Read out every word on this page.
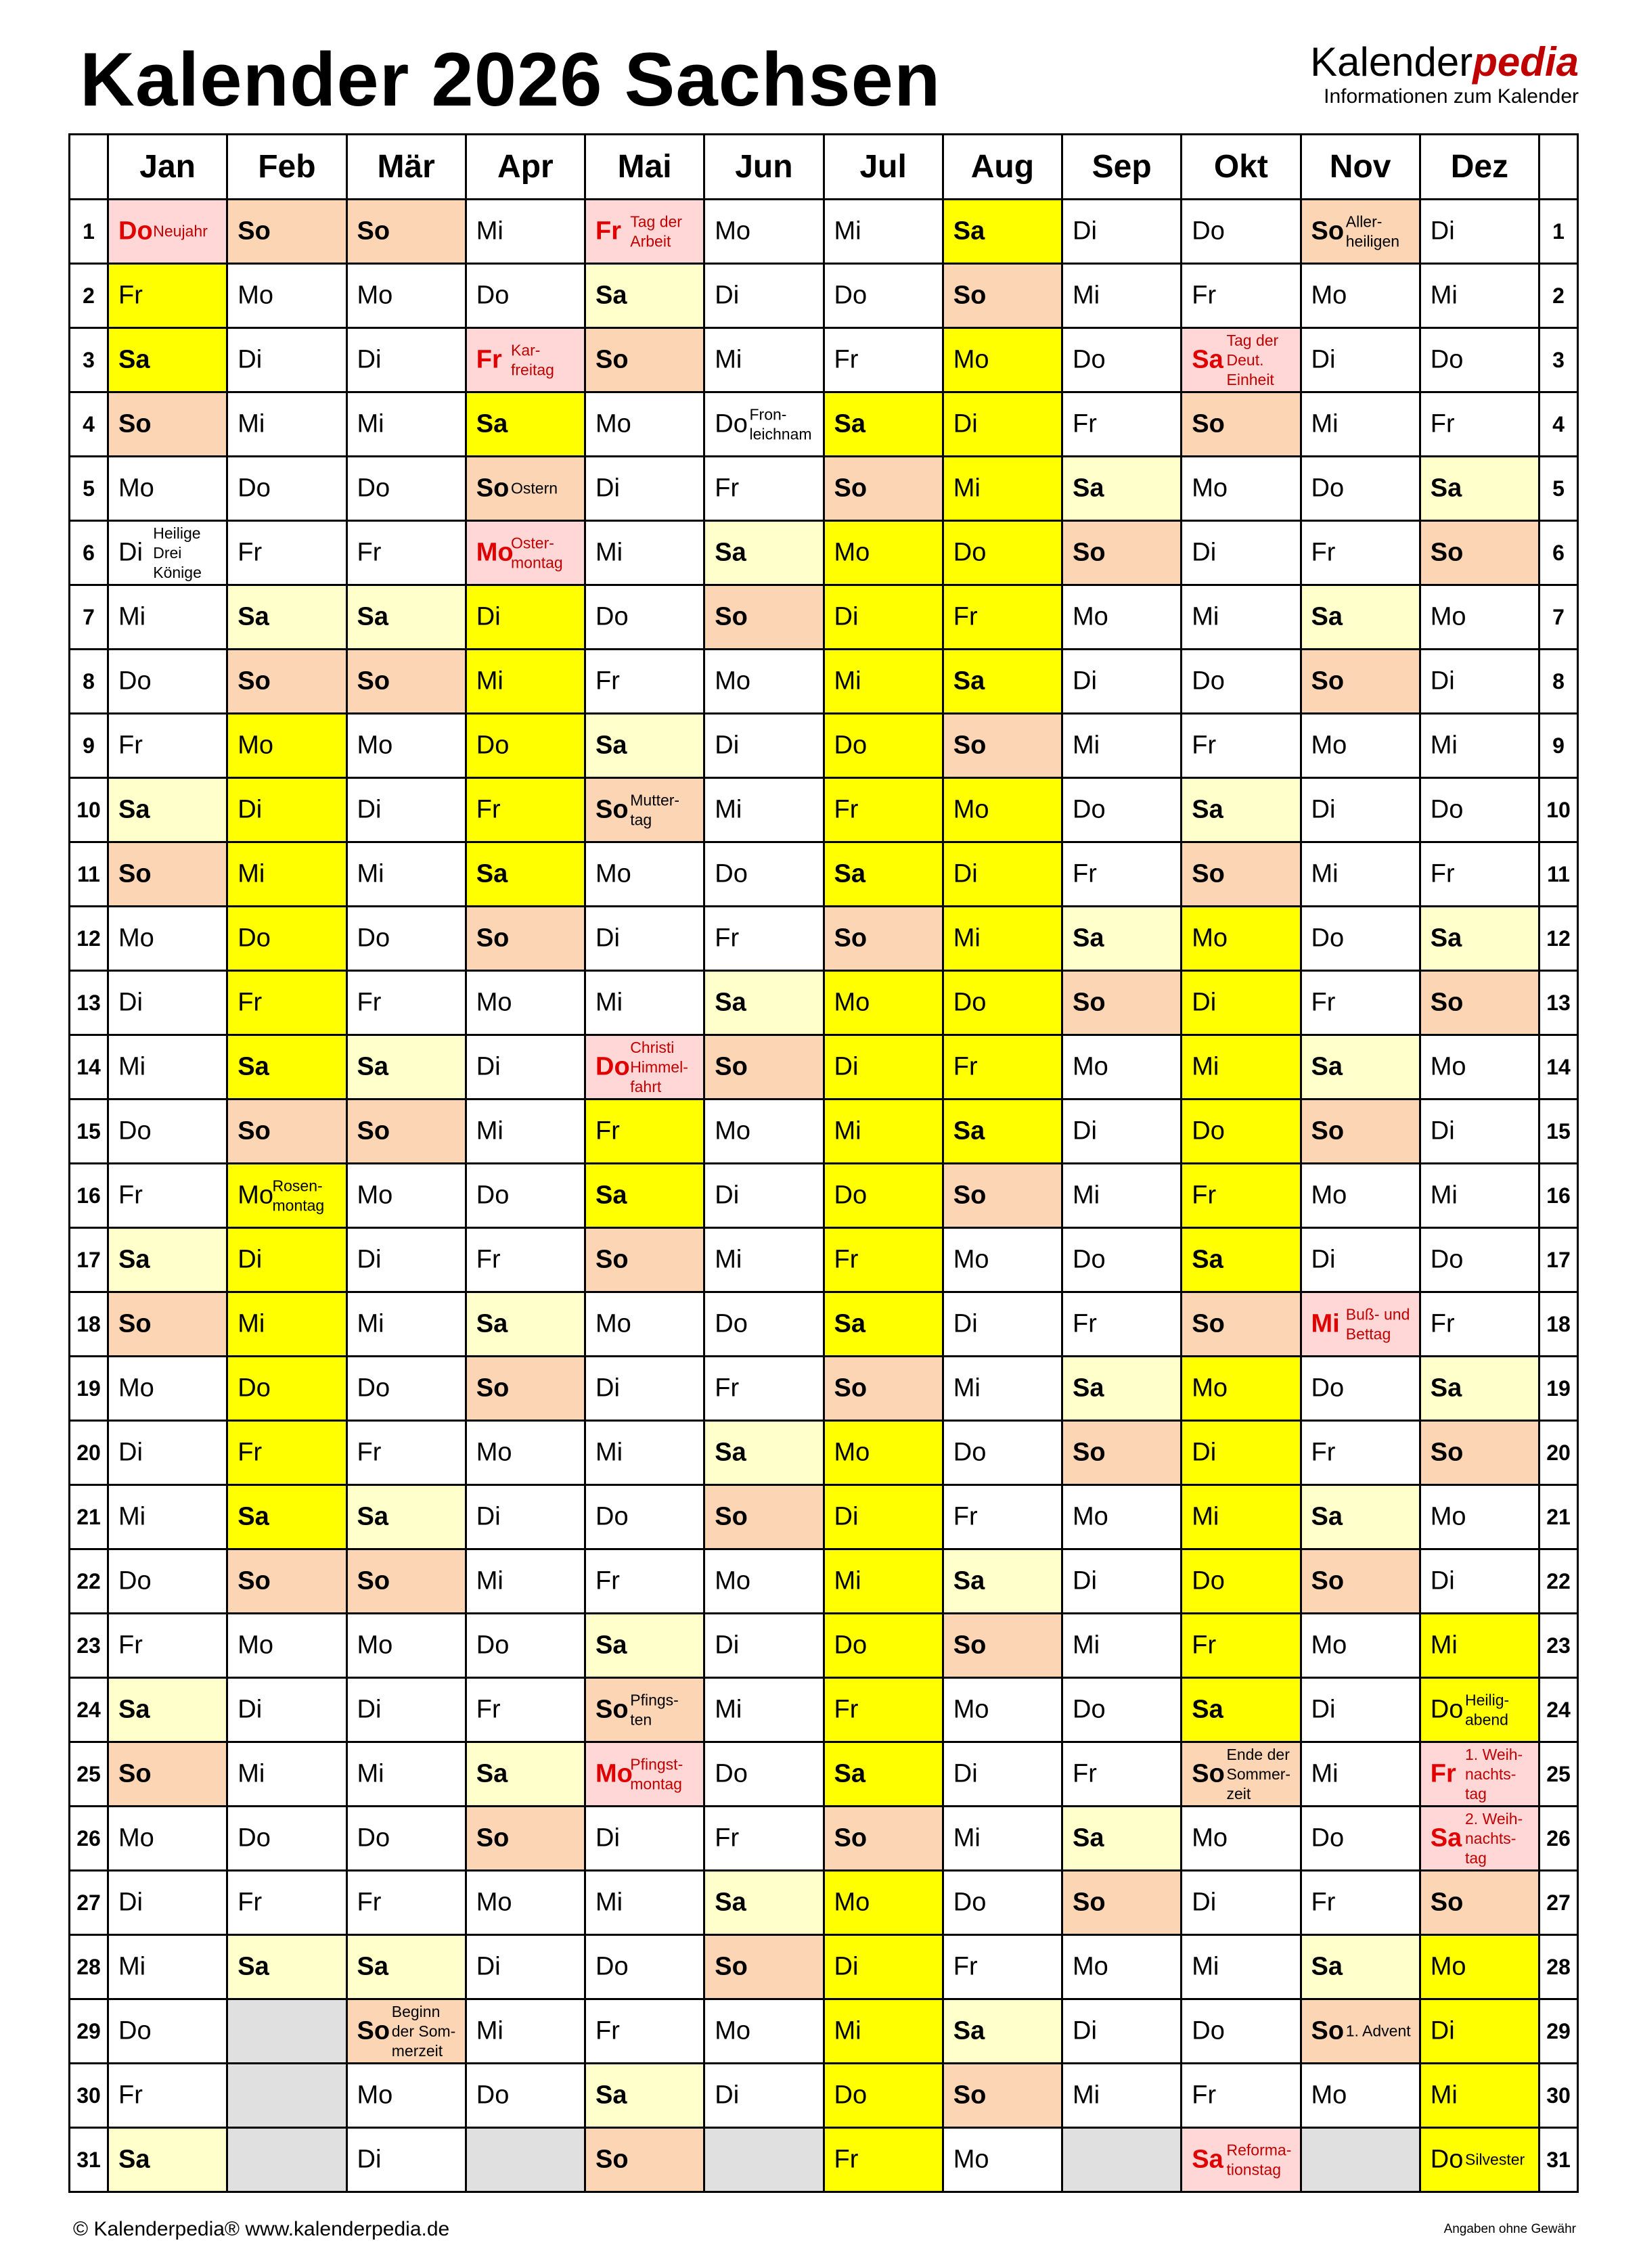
Kalender 2026 Sachsen	Kalenderpedia
Informationen zum Kalender
	Jan	Feb	Mär	Apr	Mai	Jun	Jul	Aug	Sep	Okt	Nov	Dez	
1	Do Neujahr	So	So	Mi	Fr Tag der
Arbeit	Mo	Mi	Sa	Di	Do	So Aller-
heiligen	Di	1
2	Fr	Mo	Mo	Do	Sa	Di	Do	So	Mi	Fr	Mo	Mi	2
3	Sa	Di	Di	Fr Kar-
freitag	So	Mi	Fr	Mo	Do	Sa
Tag der
Deut.
Einheit	Di	Do	3
4	So	Mi	Mi	Sa	Mo	Do Fron-
leichnam	Sa	Di	Fr	So	Mi	Fr	4
5	Mo	Do	Do	So Ostern	Di	Fr	So	Mi	Sa	Mo	Do	Sa	5
6	Di
Heilige
Drei
Könige	Fr	Fr	Mo
Oster-
montag	Mi	Sa	Mo	Do	So	Di	Fr	So	6
7	Mi	Sa	Sa	Di	Do	So	Di	Fr	Mo	Mi	Sa	Mo	7
8	Do	So	So	Mi	Fr	Mo	Mi	Sa	Di	Do	So	Di	8
9	Fr	Mo	Mo	Do	Sa	Di	Do	So	Mi	Fr	Mo	Mi	9
10	Sa	Di	Di	Fr	So Mutter-
tag	Mi	Fr	Mo	Do	Sa	Di	Do	10
11	So	Mi	Mi	Sa	Mo	Do	Sa	Di	Fr	So	Mi	Fr	11
12	Mo	Do	Do	So	Di	Fr	So	Mi	Sa	Mo	Do	Sa	12
13	Di	Fr	Fr	Mo	Mi	Sa	Mo	Do	So	Di	Fr	So	13
14	Mi	Sa	Sa	Di	Do
Christi
Himmel-
fahrt	So	Di	Fr	Mo	Mi	Sa	Mo	14
15	Do	So	So	Mi	Fr	Mo	Mi	Sa	Di	Do	So	Di	15
16	Fr	Mo
Rosen-
montag	Mo	Do	Sa	Di	Do	So	Mi	Fr	Mo	Mi	16
17	Sa	Di	Di	Fr	So	Mi	Fr	Mo	Do	Sa	Di	Do	17
18	So	Mi	Mi	Sa	Mo	Do	Sa	Di	Fr	So	Mi Buß- und
Bettag	Fr	18
19	Mo	Do	Do	So	Di	Fr	So	Mi	Sa	Mo	Do	Sa	19
20	Di	Fr	Fr	Mo	Mi	Sa	Mo	Do	So	Di	Fr	So	20
21	Mi	Sa	Sa	Di	Do	So	Di	Fr	Mo	Mi	Sa	Mo	21
22	Do	So	So	Mi	Fr	Mo	Mi	Sa	Di	Do	So	Di	22
23	Fr	Mo	Mo	Do	Sa	Di	Do	So	Mi	Fr	Mo	Mi	23
24	Sa	Di	Di	Fr	So Pfings-
ten	Mi	Fr	Mo	Do	Sa	Di	Do Heilig-
abend	24
25	So	Mi	Mi	Sa	Mo
Pfingst-
montag	Do	Sa	Di	Fr	So
Ende der
Sommer-
zeit	Mi	Fr
1. Weih-
nachts-
tag	25
26	Mo	Do	Do	So	Di	Fr	So	Mi	Sa	Mo	Do	Sa
2. Weih-
nachts-
tag	26
27	Di	Fr	Fr	Mo	Mi	Sa	Mo	Do	So	Di	Fr	So	27
28	Mi	Sa	Sa	Di	Do	So	Di	Fr	Mo	Mi	Sa	Mo	28
29	Do		So
Beginn
der Som-
merzeit	Mi	Fr	Mo	Mi	Sa	Di	Do	So 1. Advent	Di	29
30	Fr		Mo	Do	Sa	Di	Do	So	Mi	Fr	Mo	Mi	30
31	Sa		Di		So		Fr	Mo		Sa Reforma-
tionstag		Do Silvester	31
© Kalenderpedia® www.kalenderpedia.de	Angaben ohne Gewähr
